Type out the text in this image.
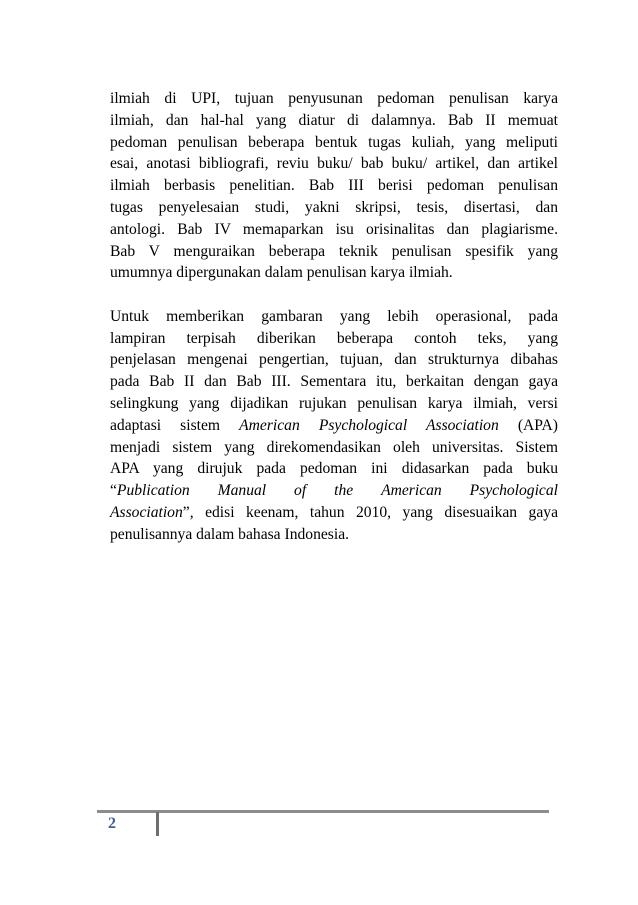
ilmiah di UPI, tujuan penyusunan pedoman penulisan karya
ilmiah, dan hal-hal yang diatur di dalamnya. Bab II memuat
pedoman penulisan beberapa bentuk tugas kuliah, yang meliputi
esai, anotasi bibliografi, reviu buku/ bab buku/ artikel, dan artikel
ilmiah berbasis penelitian. Bab III berisi pedoman penulisan
tugas penyelesaian studi, yakni skripsi, tesis, disertasi, dan
antologi. Bab IV memaparkan isu orisinalitas dan plagiarisme.
Bab V menguraikan beberapa teknik penulisan spesifik yang
umumnya dipergunakan dalam penulisan karya ilmiah.
Untuk memberikan gambaran yang lebih operasional, pada
lampiran terpisah diberikan beberapa contoh teks, yang
penjelasan mengenai pengertian, tujuan, dan strukturnya dibahas
pada Bab II dan Bab III. Sementara itu, berkaitan dengan gaya
selingkung yang dijadikan rujukan penulisan karya ilmiah, versi
adaptasi sistem American Psychological Association (APA)
menjadi sistem yang direkomendasikan oleh universitas. Sistem
APA yang dirujuk pada pedoman ini didasarkan pada buku
“Publication Manual of the American Psychological
Association”, edisi keenam, tahun 2010, yang disesuaikan gaya
penulisannya dalam bahasa Indonesia.
2
